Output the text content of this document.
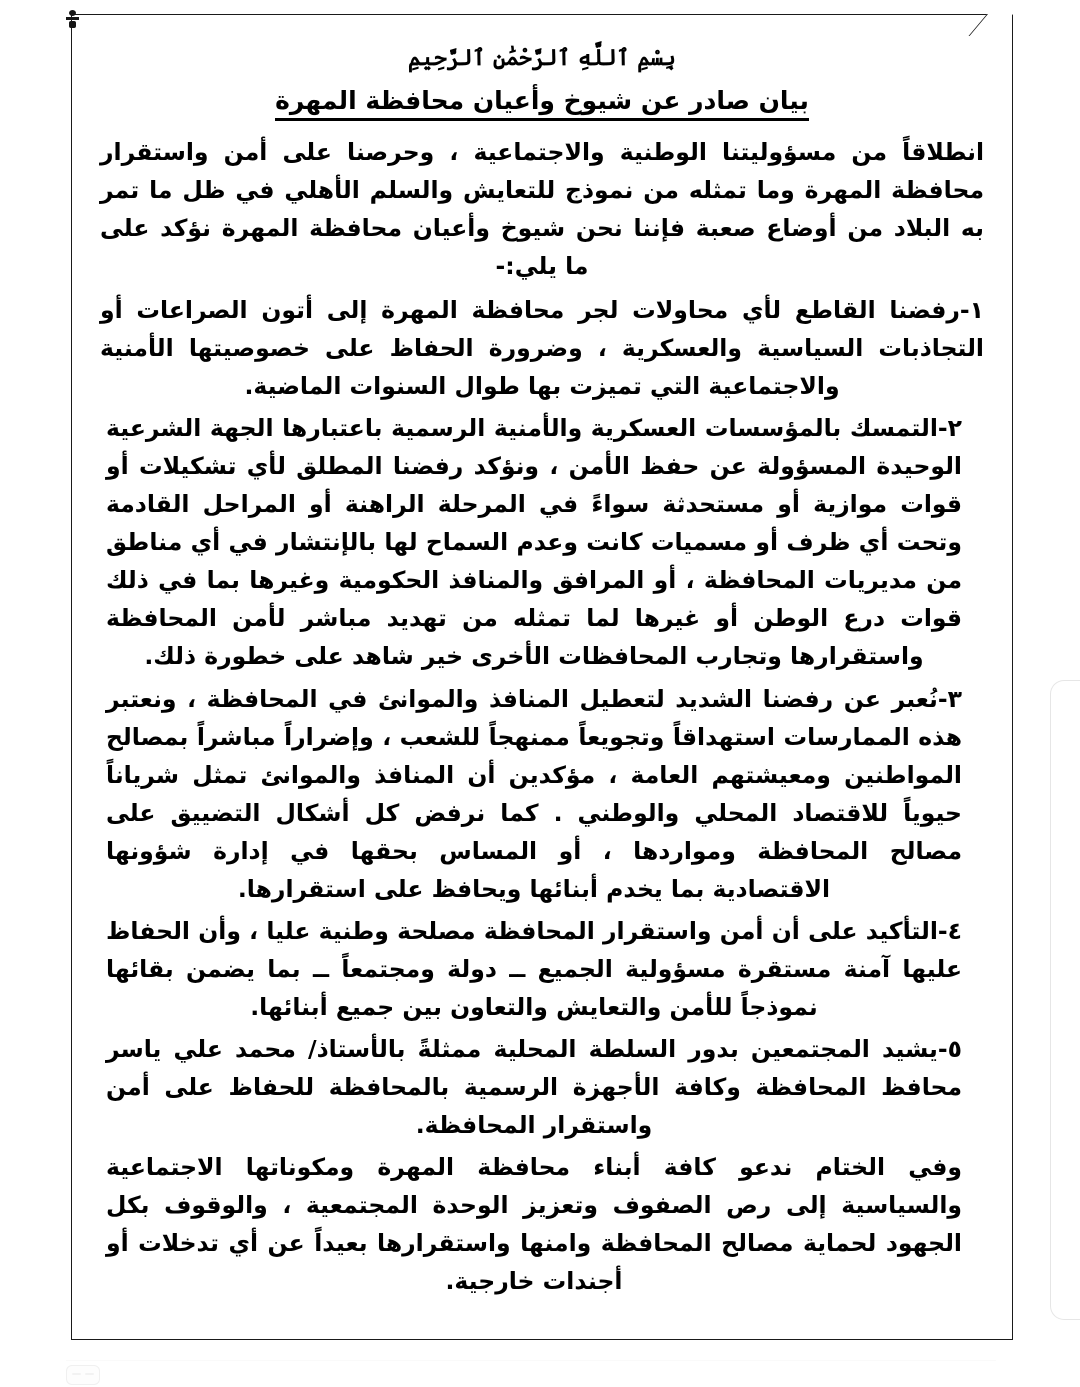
بِسْمِ ٱللَّهِ ٱلرَّحْمَٰنِ ٱلرَّحِيمِ
بيان صادر عن شيوخ وأعيان محافظة المهرة

انطلاقاً من مسؤوليتنا الوطنية والاجتماعية ، وحرصنا على أمن واستقرار محافظة المهرة وما تمثله من نموذج للتعايش والسلم الأهلي في ظل ما تمر به البلاد من أوضاع صعبة فإننا نحن شيوخ وأعيان محافظة المهرة نؤكد على ما يلي:-

١-رفضنا القاطع لأي محاولات لجر محافظة المهرة إلى أتون الصراعات أو التجاذبات السياسية والعسكرية ، وضرورة الحفاظ على خصوصيتها الأمنية والاجتماعية التي تميزت بها طوال السنوات الماضية.
٢-التمسك بالمؤسسات العسكرية والأمنية الرسمية باعتبارها الجهة الشرعية الوحيدة المسؤولة عن حفظ الأمن ، ونؤكد رفضنا المطلق لأي تشكيلات أو قوات موازية أو مستحدثة سواءً في المرحلة الراهنة أو المراحل القادمة وتحت أي ظرف أو مسميات كانت وعدم السماح لها بالإنتشار في أي مناطق من مديريات المحافظة ، أو المرافق والمنافذ الحكومية وغيرها بما في ذلك قوات درع الوطن أو غيرها لما تمثله من تهديد مباشر لأمن المحافظة واستقرارها وتجارب المحافظات الأخرى خير شاهد على خطورة ذلك.
٣-نُعبر عن رفضنا الشديد لتعطيل المنافذ والموانئ في المحافظة ، ونعتبر هذه الممارسات استهداقاً وتجويعاً ممنهجاً للشعب ، وإضراراً مباشراً بمصالح المواطنين ومعيشتهم العامة ، مؤكدين أن المنافذ والموانئ تمثل شرياناً حيوياً للاقتصاد المحلي والوطني . كما نرفض كل أشكال التضييق على مصالح المحافظة ومواردها ، أو المساس بحقها في إدارة شؤونها الاقتصادية بما يخدم أبنائها ويحافظ على استقرارها.
٤-التأكيد على أن أمن واستقرار المحافظة مصلحة وطنية عليا ، وأن الحفاظ عليها آمنة مستقرة مسؤولية الجميع ــ دولة ومجتمعاً ــ بما يضمن بقائها نموذجاً للأمن والتعايش والتعاون بين جميع أبنائها.
٥-يشيد المجتمعين بدور السلطة المحلية ممثلةً بالأستاذ/ محمد علي ياسر محافظ المحافظة وكافة الأجهزة الرسمية بالمحافظة للحفاظ على أمن واستقرار المحافظة.

وفي الختام ندعو كافة أبناء محافظة المهرة ومكوناتها الاجتماعية والسياسية إلى رص الصفوف وتعزيز الوحدة المجتمعية ، والوقوف بكل الجهود لحماية مصالح المحافظة وامنها واستقرارها بعيداً عن أي تدخلات أو أجندات خارجية.
